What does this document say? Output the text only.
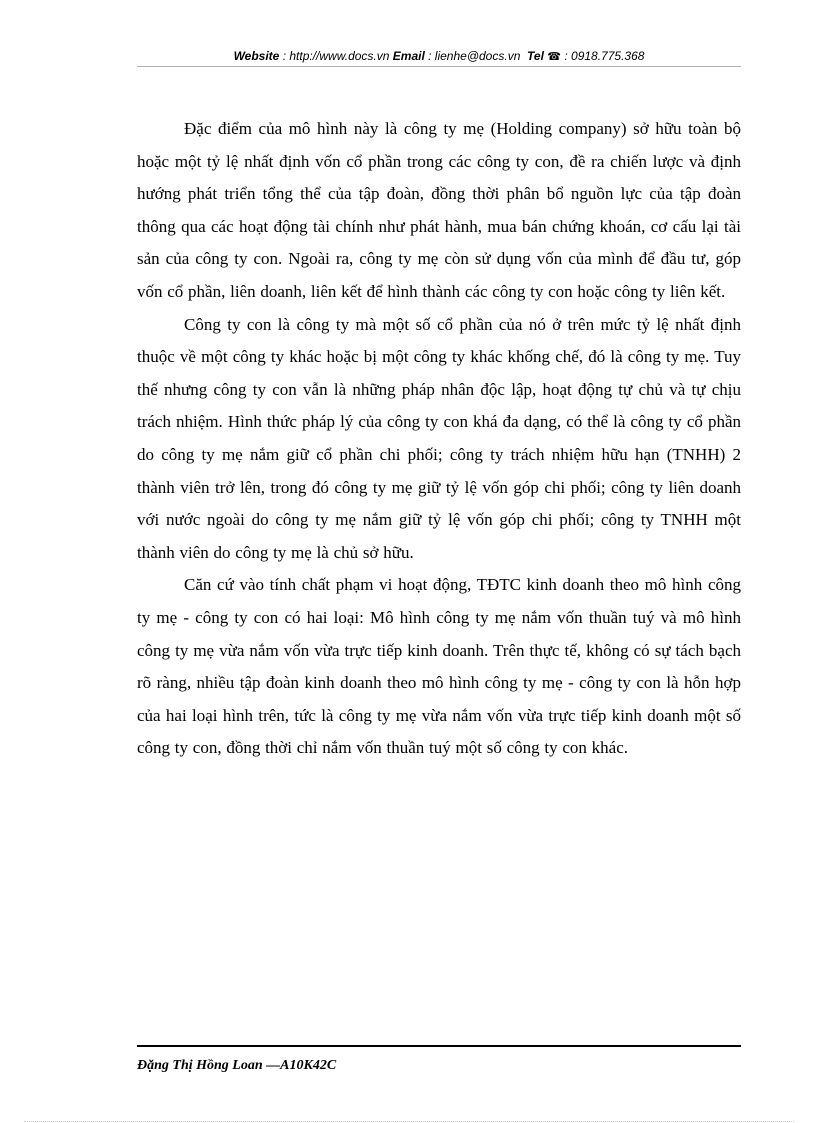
Website : http://www.docs.vn Email : lienhe@docs.vn Tel ☎ : 0918.775.368

Đặc điểm của mô hình này là công ty mẹ (Holding company) sở hữu toàn bộ hoặc một tỷ lệ nhất định vốn cổ phần trong các công ty con, đề ra chiến lược và định hướng phát triển tổng thể của tập đoàn, đồng thời phân bổ nguồn lực của tập đoàn thông qua các hoạt động tài chính như phát hành, mua bán chứng khoán, cơ cấu lại tài sản của công ty con. Ngoài ra, công ty mẹ còn sử dụng vốn của mình để đầu tư, góp vốn cổ phần, liên doanh, liên kết để hình thành các công ty con hoặc công ty liên kết.

Công ty con là công ty mà một số cổ phần của nó ở trên mức tỷ lệ nhất định thuộc về một công ty khác hoặc bị một công ty khác khống chế, đó là công ty mẹ. Tuy thế nhưng công ty con vẫn là những pháp nhân độc lập, hoạt động tự chủ và tự chịu trách nhiệm. Hình thức pháp lý của công ty con khá đa dạng, có thể là công ty cổ phần do công ty mẹ nắm giữ cổ phần chi phối; công ty trách nhiệm hữu hạn (TNHH) 2 thành viên trở lên, trong đó công ty mẹ giữ tỷ lệ vốn góp chi phối; công ty liên doanh với nước ngoài do công ty mẹ nắm giữ tỷ lệ vốn góp chi phối; công ty TNHH một thành viên do công ty mẹ là chủ sở hữu.

Căn cứ vào tính chất phạm vi hoạt động, TĐTC kinh doanh theo mô hình công ty mẹ - công ty con có hai loại: Mô hình công ty mẹ nắm vốn thuần tuý và mô hình công ty mẹ vừa nắm vốn vừa trực tiếp kinh doanh. Trên thực tế, không có sự tách bạch rõ ràng, nhiều tập đoàn kinh doanh theo mô hình công ty mẹ - công ty con là hỗn hợp của hai loại hình trên, tức là công ty mẹ vừa nắm vốn vừa trực tiếp kinh doanh một số công ty con, đồng thời chỉ nắm vốn thuần tuý một số công ty con khác.

Đặng Thị Hồng Loan —A10K42C
